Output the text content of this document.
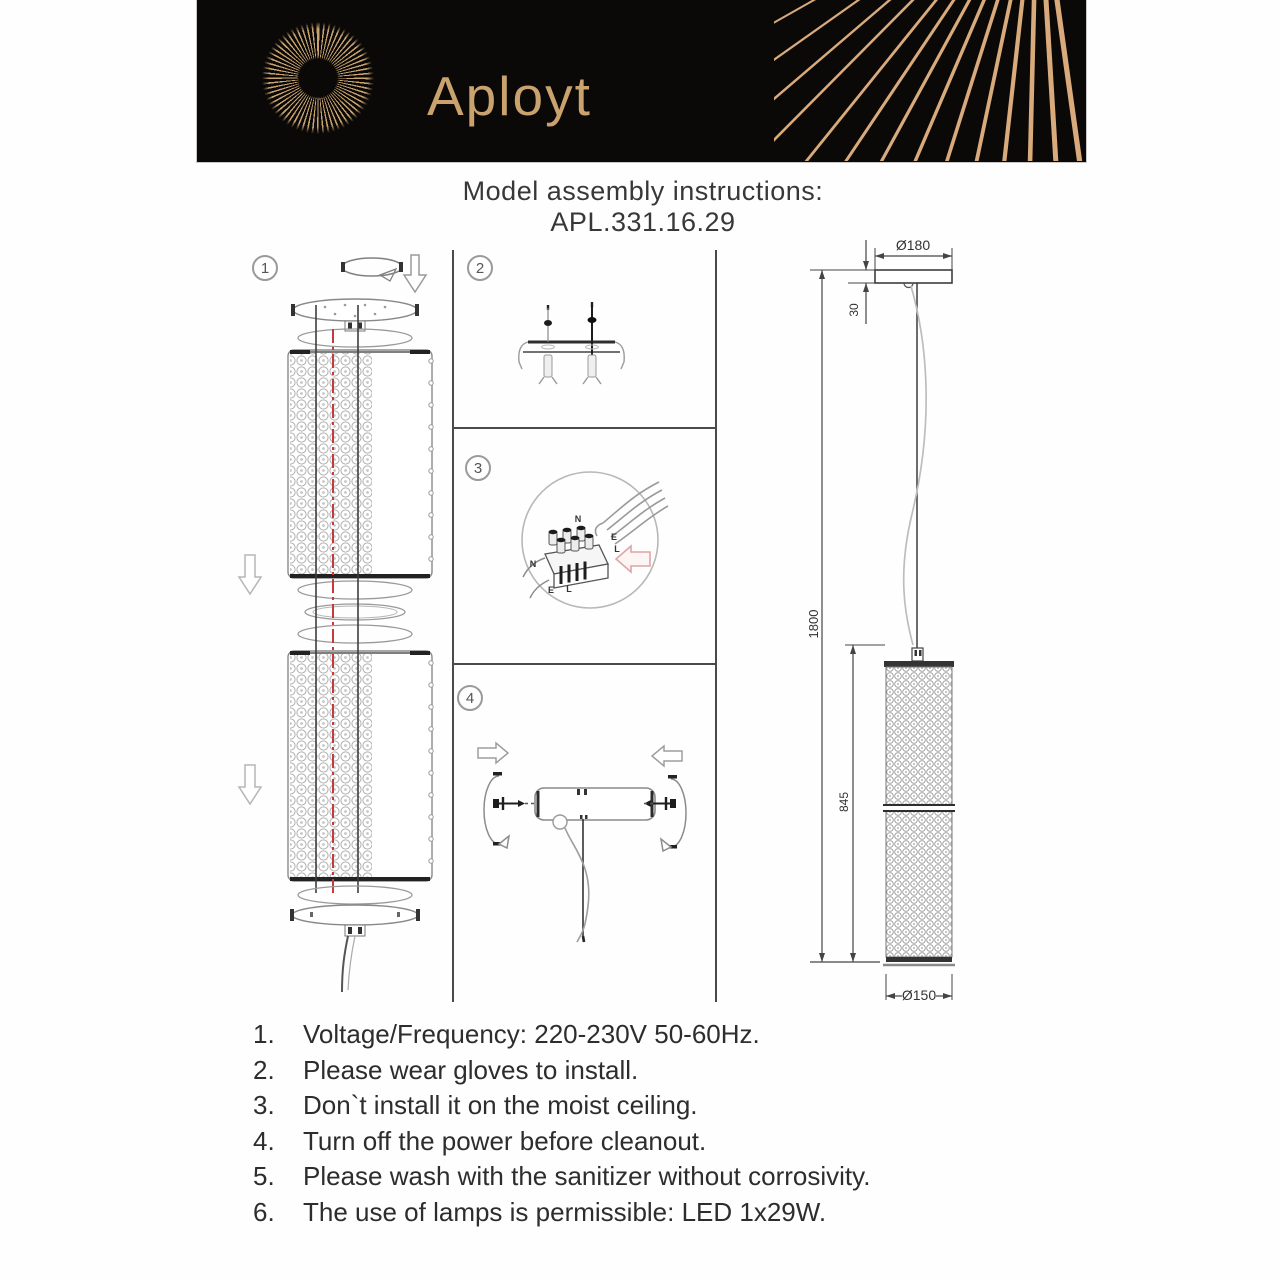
Aployt
Model assembly instructions:
APL.331.16.29
1	2
3
4
N
E
L
N
E L
Ø180
30
1800
845
Ø150
1.	Voltage/Frequency: 220-230V 50-60Hz.
2.	Please wear gloves to install.
3.	Don`t install it on the moist ceiling.
4.	Turn off the power before cleanout.
5.	Please wash with the sanitizer without corrosivity.
6.	The use of lamps is permissible: LED 1x29W.
